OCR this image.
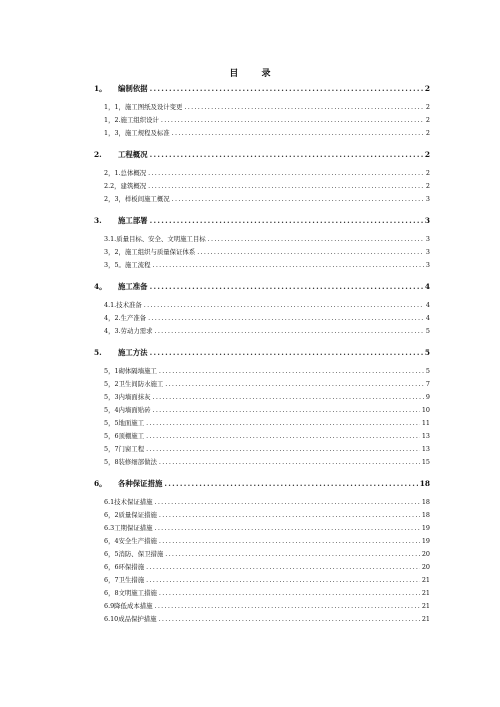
目 录
1。	编制依据 .....	2
1，1，施工图纸及设计变更 .....	2
1，2.施工组织设计 .....	2
1，3，施工规程及标准 .....	2
2.	工程概况 .....	2
2，1.总体概况 .....	2
2.2，建筑概况 .....	2
2，3，样板间施工概况 .....	3
3.	施工部署 .....	3
3.1.质量目标、安全、文明施工目标 .....	3
3，2，施工组织与质量保证体系 .....	3
3，5。施工流程 .....	3
4。	施工准备 .....	4
4.1.技术准备 .....	4
4，2.生产准备 .....	4
4，3.劳动力需求 .....	5
5.	施工方法 .....	5
5，1砌体隔墙施工 .....	5
5，2卫生间防水施工 .....	7
5，3内墙面抹灰 .....	9
5，4内墙面贴砖 .....	10
5，5地面施工 .....	11
5，6顶棚施工 .....	13
5，7门窗工程 .....	13
5，8装修细部做法 .....	15
6。	各种保证措施 .....	18
6.1技术保证措施 .....	18
6，2质量保证措施 .....	18
6.3工期保证措施 .....	19
6，4安全生产措施 .....	19
6，5消防、保卫措施 .....	20
6，6环保措施 .....	20
6，7卫生措施 .....	21
6，8文明施工措施 .....	21
6.9降低成本措施 .....	21
6.10成品保护措施 .....	21
